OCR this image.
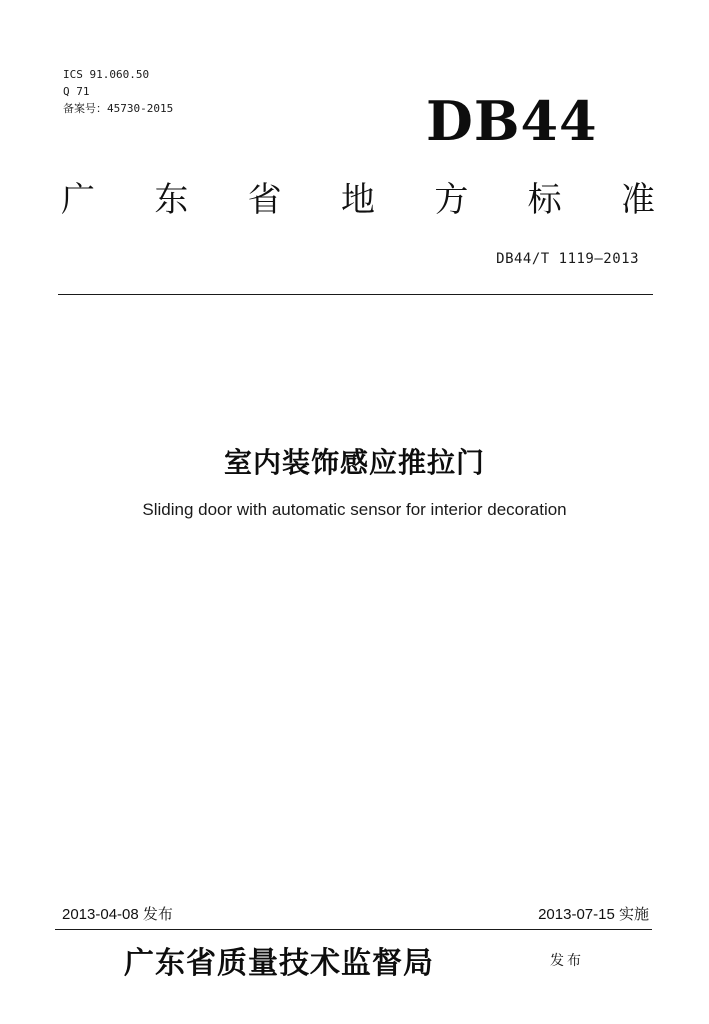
ICS 91.060.50
Q 71
备案号：45730-2015	DB44
广 东 省 地 方 标 准
DB44/T 1119—2013
室内装饰感应推拉门
Sliding door with automatic sensor for interior decoration
2013-04-08 发布	2013-07-15 实施
广东省质量技术监督局	发布
